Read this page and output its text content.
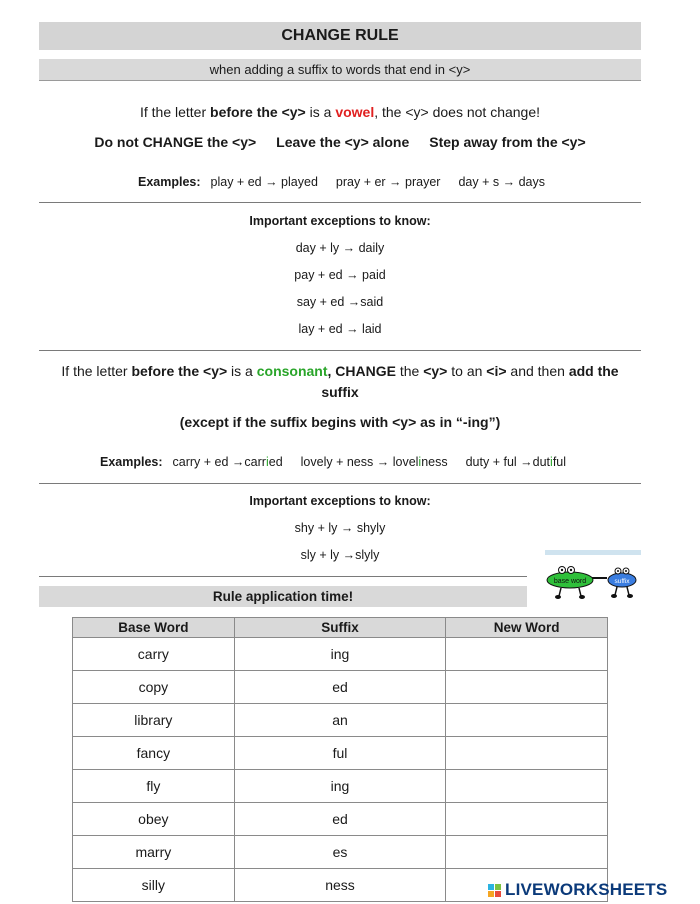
CHANGE RULE
when adding a suffix to words that end in <y>
If the letter before the <y> is a vowel, the <y> does not change!
Do not CHANGE the <y> Leave the <y> alone Step away from the <y>
Examples: play + ed → played pray + er → prayer day + s → days
Important exceptions to know:
day + ly → daily
pay + ed → paid
say + ed →said
lay + ed → laid
If the letter before the <y> is a consonant, CHANGE the <y> to an <i> and then add the
suffix
(except if the suffix begins with <y> as in “-ing”)
Examples: carry + ed →carried lovely + ness → loveliness duty + ful →dutiful
Important exceptions to know:
shy + ly → shyly
sly + ly →slyly
Rule application time!
base word	suffix
Base Word	Suffix	New Word
carry	ing	
copy	ed	
library	an	
fancy	ful	
fly	ing	
obey	ed	
marry	es	
silly	ness		LIVEWORKSHEETS
